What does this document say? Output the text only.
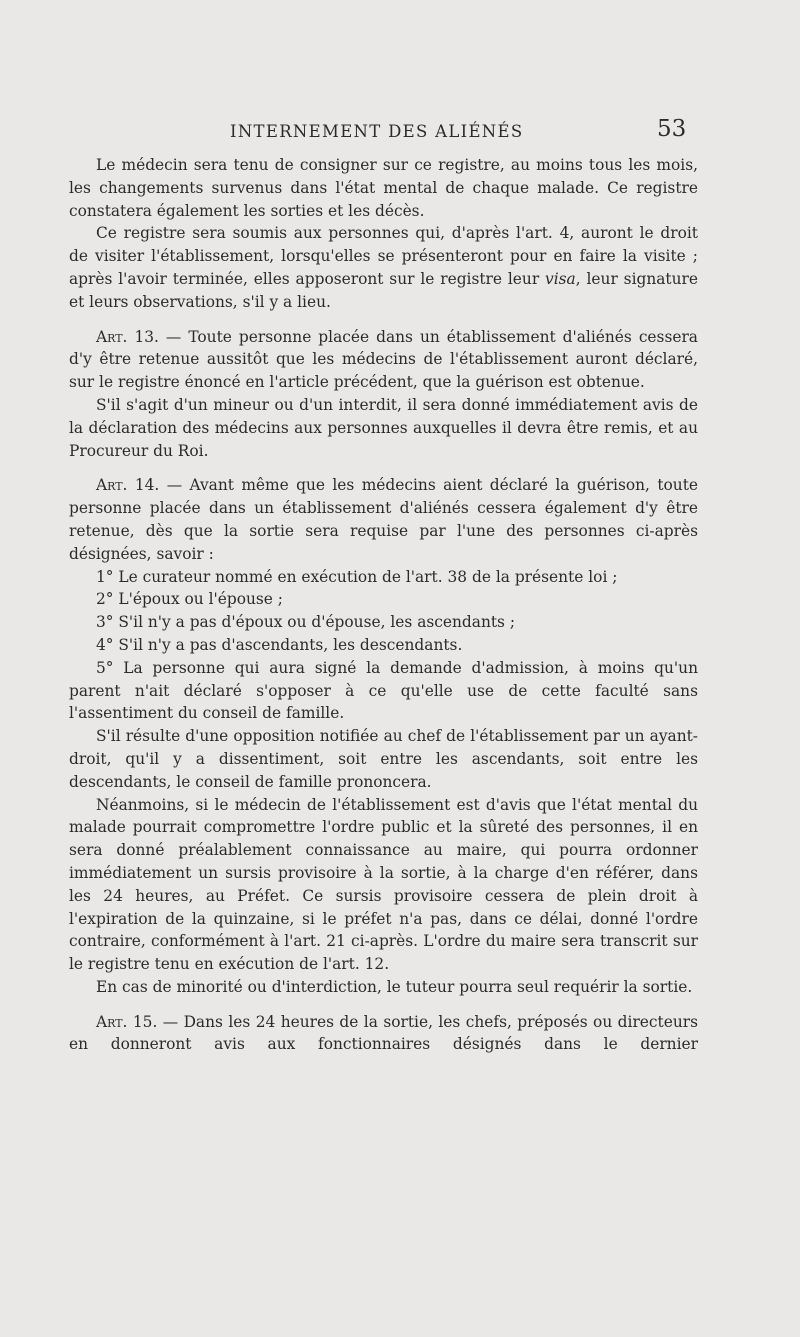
INTERNEMENT DES ALIÉNÉS	53

Le médecin sera tenu de consigner sur ce registre, au moins tous les mois, les changements survenus dans l'état mental de chaque malade. Ce registre constatera également les sorties et les décès.

Ce registre sera soumis aux personnes qui, d'après l'art. 4, auront le droit de visiter l'établissement, lorsqu'elles se présenteront pour en faire la visite ; après l'avoir terminée, elles apposeront sur le registre leur visa, leur signature et leurs observations, s'il y a lieu.

Art. 13. — Toute personne placée dans un établissement d'aliénés cessera d'y être retenue aussitôt que les médecins de l'établissement auront déclaré, sur le registre énoncé en l'article précédent, que la guérison est obtenue.

S'il s'agit d'un mineur ou d'un interdit, il sera donné immédiatement avis de la déclaration des médecins aux personnes auxquelles il devra être remis, et au Procureur du Roi.

Art. 14. — Avant même que les médecins aient déclaré la guérison, toute personne placée dans un établissement d'aliénés cessera également d'y être retenue, dès que la sortie sera requise par l'une des personnes ci-après désignées, savoir :

1° Le curateur nommé en exécution de l'art. 38 de la présente loi ;

2° L'époux ou l'épouse ;

3° S'il n'y a pas d'époux ou d'épouse, les ascendants ;

4° S'il n'y a pas d'ascendants, les descendants.

5° La personne qui aura signé la demande d'admission, à moins qu'un parent n'ait déclaré s'opposer à ce qu'elle use de cette faculté sans l'assentiment du conseil de famille.

S'il résulte d'une opposition notifiée au chef de l'établissement par un ayant-droit, qu'il y a dissentiment, soit entre les ascendants, soit entre les descendants, le conseil de famille prononcera.

Néanmoins, si le médecin de l'établissement est d'avis que l'état mental du malade pourrait compromettre l'ordre public et la sûreté des personnes, il en sera donné préalablement connaissance au maire, qui pourra ordonner immédiatement un sursis provisoire à la sortie, à la charge d'en référer, dans les 24 heures, au Préfet. Ce sursis provisoire cessera de plein droit à l'expiration de la quinzaine, si le préfet n'a pas, dans ce délai, donné l'ordre contraire, conformément à l'art. 21 ci-après. L'ordre du maire sera transcrit sur le registre tenu en exécution de l'art. 12.

En cas de minorité ou d'interdiction, le tuteur pourra seul requérir la sortie.

Art. 15. — Dans les 24 heures de la sortie, les chefs, préposés ou directeurs en donneront avis aux fonctionnaires désignés dans le dernier
